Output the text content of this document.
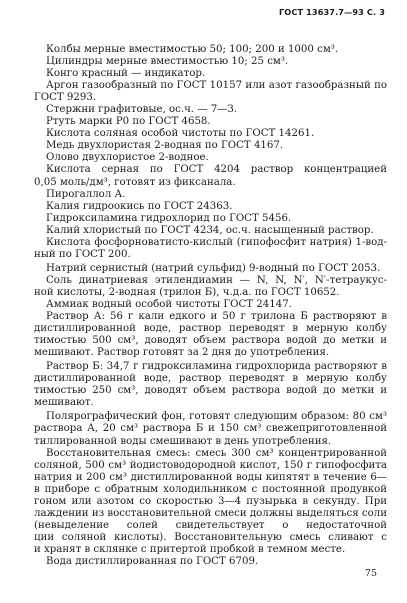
ГОСТ 13637.7—93 С. 3
Колбы мерные вместимостью 50; 100; 200 и 1000 см³.
Цилиндры мерные вместимостью 10; 25 см³.
Конго красный — индикатор.
Аргон газообразный по ГОСТ 10157 или азот газообразный по
ГОСТ 9293.
Стержни графитовые, ос.ч. — 7—3.
Ртуть марки Р0 по ГОСТ 4658.
Кислота соляная особой чистоты по ГОСТ 14261.
Медь двухлористая 2-водная по ГОСТ 4167.
Олово двухлористое 2-водное.
Кислота серная по ГОСТ 4204 раствор концентрацией
0,05 моль/дм³, готовят из фиксанала.
Пирогаллол А.
Калия гидроокись по ГОСТ 24363.
Гидроксиламина гидрохлорид по ГОСТ 5456.
Калий хлористый по ГОСТ 4234, ос.ч. насыщенный раствор.
Кислота фосфорноватисто-кислый (гипофосфит натрия) 1-вод-
ный по ГОСТ 200.
Натрий сернистый (натрий сульфид) 9-водный по ГОСТ 2053.
Соль динатриевая этилендиамин — N, N, N′, N′-тетраукус-
ной кислоты, 2-водная (трилон Б), ч.д.а. по ГОСТ 10652.
Аммиак водный особой чистоты ГОСТ 24147.
Раствор А: 56 г кали едкого и 50 г трилона Б растворяют в
дистиллированной воде, раствор переводят в мерную колбу
тимостью 500 см³, доводят объем раствора водой до метки и
мешивают. Раствор готовят за 2 дня до употребления.
Раствор Б: 34,7 г гидроксиламина гидрохлорида растворяют в
дистиллированной воде, раствор переводят в мерную колбу
тимостью 250 см³, доводят объем раствора водой до метки и
мешивают.
Полярографический фон, готовят следующим образом: 80 см³
раствора А, 20 см³ раствора Б и 150 см³ свежеприготовленной
тиллированной воды смешивают в день употребления.
Восстановительная смесь: смесь 300 см³ концентрированной
соляной, 500 см³ йодистоводородной кислот, 150 г гипофосфита
натрия и 200 см³ дистиллированной воды кипятят в течение 6—
в приборе с обратным холодильником с постоянной продувкой
гоном или азотом со скоростью 3—4 пузырька в секунду. При
лаждении из восстановительной смеси должны выделяться соли
(невыделение солей свидетельствует о недостаточной
ции соляной кислоты). Восстановительную смесь сливают с
и хранят в склянке с притертой пробкой в темном месте.
Вода дистиллированная по ГОСТ 6709.
75
